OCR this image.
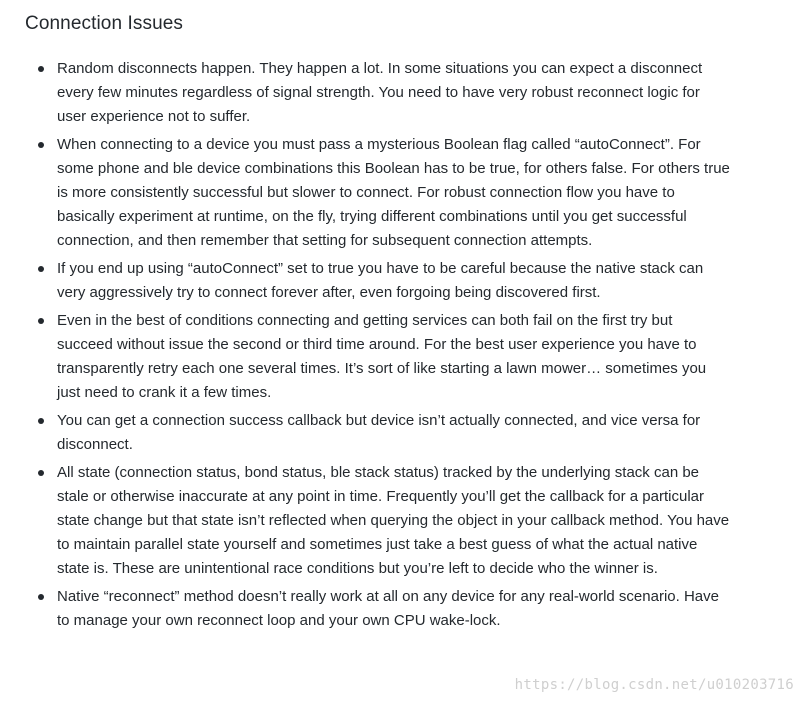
Connection Issues
Random disconnects happen. They happen a lot. In some situations you can expect a disconnect every few minutes regardless of signal strength. You need to have very robust reconnect logic for user experience not to suffer.
When connecting to a device you must pass a mysterious Boolean flag called “autoConnect”. For some phone and ble device combinations this Boolean has to be true, for others false. For others true is more consistently successful but slower to connect. For robust connection flow you have to basically experiment at runtime, on the fly, trying different combinations until you get successful connection, and then remember that setting for subsequent connection attempts.
If you end up using “autoConnect” set to true you have to be careful because the native stack can very aggressively try to connect forever after, even forgoing being discovered first.
Even in the best of conditions connecting and getting services can both fail on the first try but succeed without issue the second or third time around. For the best user experience you have to transparently retry each one several times. It’s sort of like starting a lawn mower… sometimes you just need to crank it a few times.
You can get a connection success callback but device isn’t actually connected, and vice versa for disconnect.
All state (connection status, bond status, ble stack status) tracked by the underlying stack can be stale or otherwise inaccurate at any point in time. Frequently you’ll get the callback for a particular state change but that state isn’t reflected when querying the object in your callback method. You have to maintain parallel state yourself and sometimes just take a best guess of what the actual native state is. These are unintentional race conditions but you’re left to decide who the winner is.
Native “reconnect” method doesn’t really work at all on any device for any real-world scenario. Have to manage your own reconnect loop and your own CPU wake-lock.
https://blog.csdn.net/u010203716
